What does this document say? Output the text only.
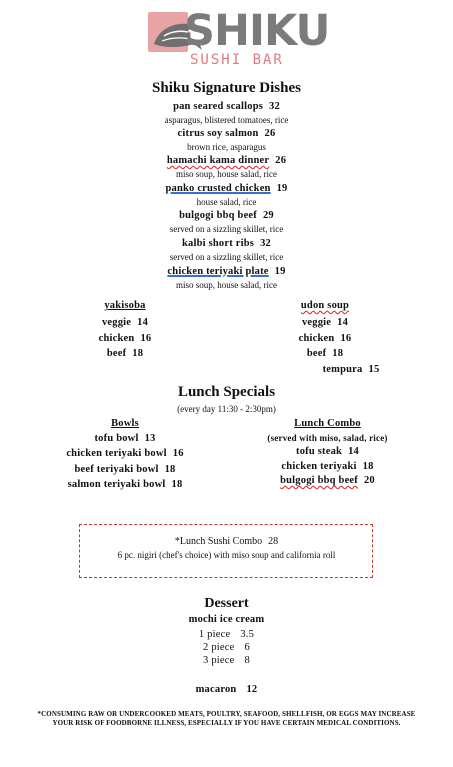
SHIKU
SUSHI BAR
Shiku Signature Dishes
pan seared scallops 32
asparagus, blistered tomatoes, rice
citrus soy salmon 26
brown rice, asparagus
hamachi kama dinner 26
miso soup, house salad, rice
panko crusted chicken 19
house salad, rice
bulgogi bbq beef 29
served on a sizzling skillet, rice
kalbi short ribs 32
served on a sizzling skillet, rice
chicken teriyaki plate 19
miso soup, house salad, rice
yakisoba
veggie 14
chicken 16
beef 18
udon soup
veggie 14
chicken 16
beef 18
tempura 15
Lunch Specials
(every day 11:30 - 2:30pm)
Bowls
tofu bowl 13
chicken teriyaki bowl 16
beef teriyaki bowl 18
salmon teriyaki bowl 18
Lunch Combo
(served with miso, salad, rice)
tofu steak 14
chicken teriyaki 18
bulgogi bbq beef 20
*Lunch Sushi Combo 28
6 pc. nigiri (chef's choice) with miso soup and california roll
Dessert
mochi ice cream
1 piece 3.5
2 piece 6
3 piece 8
macaron 12
*CONSUMING RAW OR UNDERCOOKED MEATS, POULTRY, SEAFOOD, SHELLFISH, OR EGGS MAY INCREASE
YOUR RISK OF FOODBORNE ILLNESS, ESPECIALLY IF YOU HAVE CERTAIN MEDICAL CONDITIONS.
